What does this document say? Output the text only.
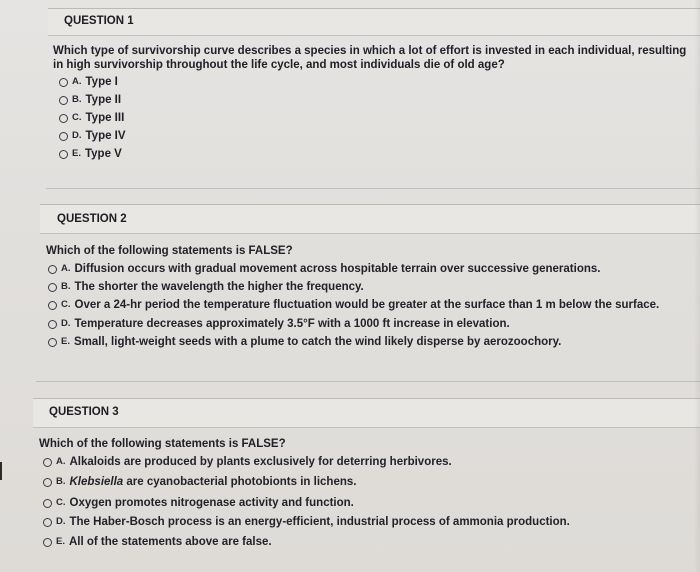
QUESTION 1
Which type of survivorship curve describes a species in which a lot of effort is invested in each individual, resulting
in high survivorship throughout the life cycle, and most individuals die of old age?
A. Type I
B. Type II
C. Type III
D. Type IV
E. Type V
QUESTION 2
Which of the following statements is FALSE?
A. Diffusion occurs with gradual movement across hospitable terrain over successive generations.
B. The shorter the wavelength the higher the frequency.
C. Over a 24-hr period the temperature fluctuation would be greater at the surface than 1 m below the surface.
D. Temperature decreases approximately 3.5°F with a 1000 ft increase in elevation.
E. Small, light-weight seeds with a plume to catch the wind likely disperse by aerozoochory.
QUESTION 3
Which of the following statements is FALSE?
A. Alkaloids are produced by plants exclusively for deterring herbivores.
B. Klebsiella are cyanobacterial photobionts in lichens.
C. Oxygen promotes nitrogenase activity and function.
D. The Haber-Bosch process is an energy-efficient, industrial process of ammonia production.
E. All of the statements above are false.
